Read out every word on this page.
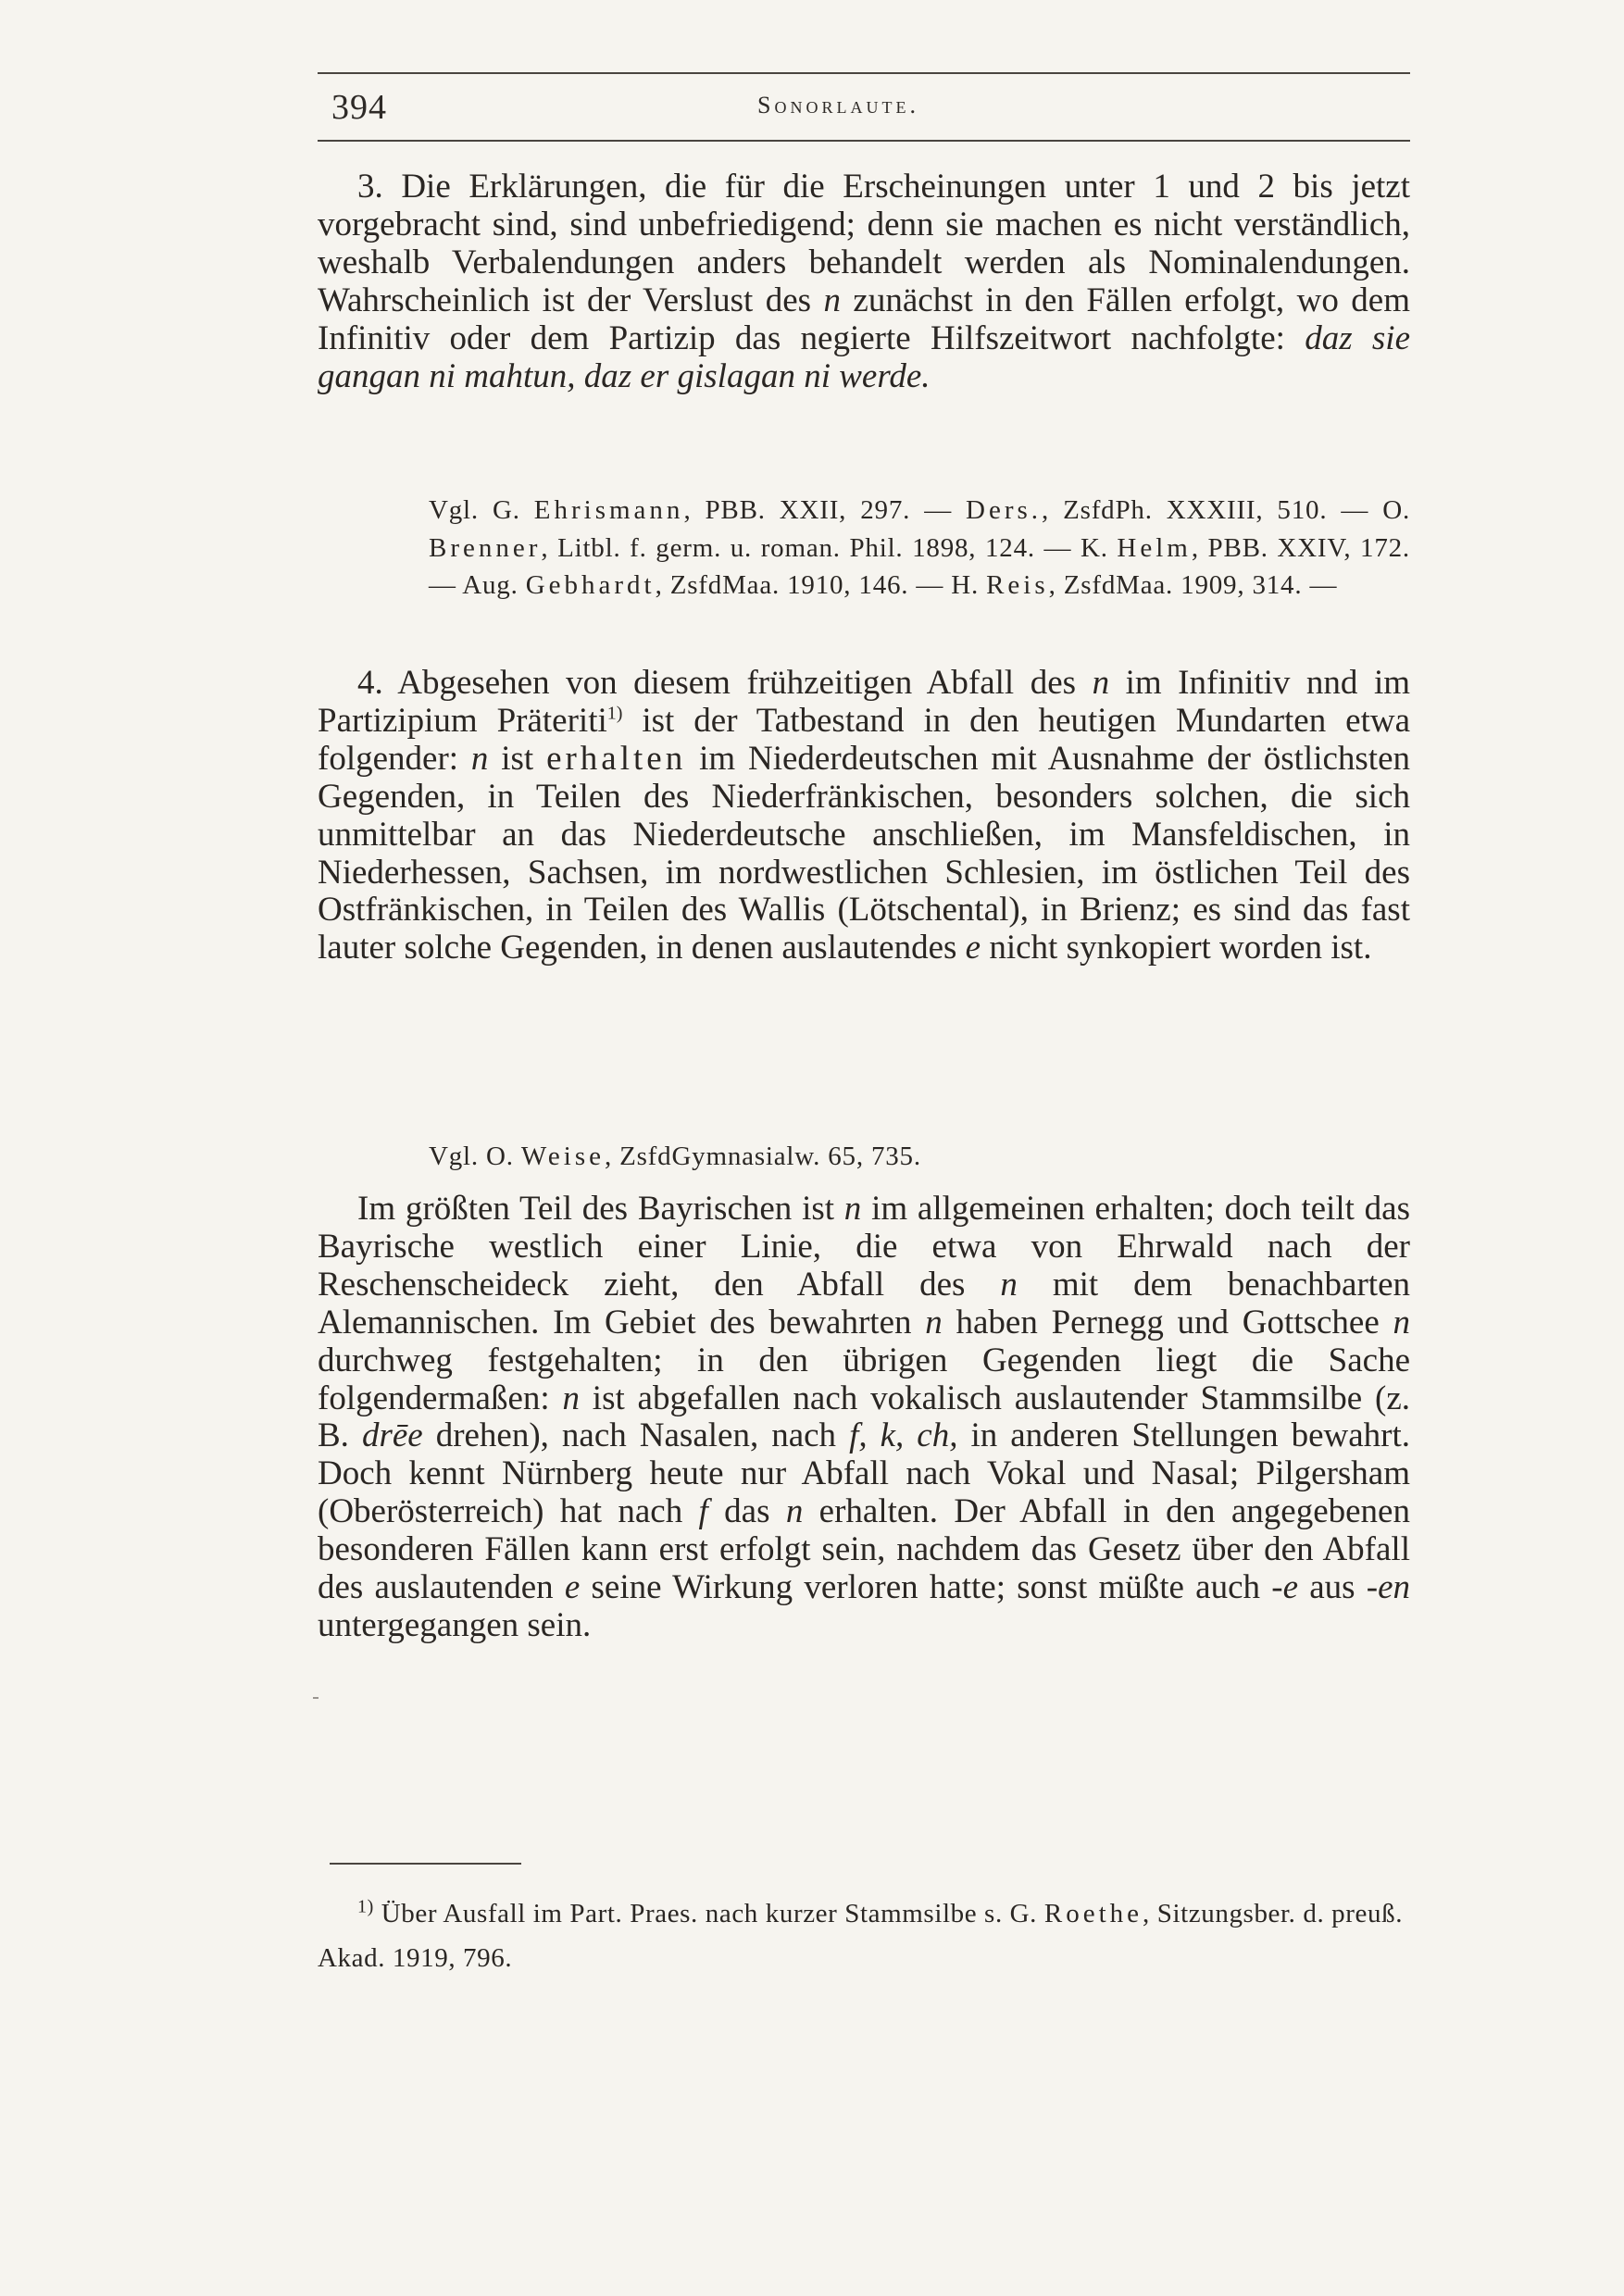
394	Sonorlaute.

3. Die Erklärungen, die für die Erscheinungen unter 1 und 2 bis jetzt vorgebracht sind, sind unbefriedigend; denn sie machen es nicht verständlich, weshalb Verbalendungen anders behandelt werden als Nominalendungen. Wahrscheinlich ist der Verslust des n zunächst in den Fällen erfolgt, wo dem Infinitiv oder dem Partizip das negierte Hilfszeitwort nachfolgte: daz sie gangan ni mahtun, daz er gislagan ni werde.

Vgl. G. Ehrismann, PBB. XXII, 297. — Ders., ZsfdPh. XXXIII, 510. — O. Brenner, Litbl. f. germ. u. roman. Phil. 1898, 124. — K. Helm, PBB. XXIV, 172. — Aug. Gebhardt, ZsfdMaa. 1910, 146. — H. Reis, ZsfdMaa. 1909, 314. —

4. Abgesehen von diesem frühzeitigen Abfall des n im Infinitiv nnd im Partizipium Präteriti$^{1)}$ ist der Tatbestand in den heutigen Mundarten etwa folgender: n ist erhalten im Niederdeutschen mit Ausnahme der östlichsten Gegenden, in Teilen des Niederfränkischen, besonders solchen, die sich unmittelbar an das Niederdeutsche anschließen, im Mansfeldischen, in Niederhessen, Sachsen, im nordwestlichen Schlesien, im östlichen Teil des Ostfränkischen, in Teilen des Wallis (Lötschental), in Brienz; es sind das fast lauter solche Gegenden, in denen auslautendes e nicht synkopiert worden ist.

Vgl. O. Weise, ZsfdGymnasialw. 65, 735.

Im größten Teil des Bayrischen ist n im allgemeinen erhalten; doch teilt das Bayrische westlich einer Linie, die etwa von Ehrwald nach der Reschenscheideck zieht, den Abfall des n mit dem benachbarten Alemannischen. Im Gebiet des bewahrten n haben Pernegg und Gottschee n durchweg festgehalten; in den übrigen Gegenden liegt die Sache folgendermaßen: n ist abgefallen nach vokalisch auslautender Stammsilbe (z. B. drēe drehen), nach Nasalen, nach f, k, ch, in anderen Stellungen bewahrt. Doch kennt Nürnberg heute nur Abfall nach Vokal und Nasal; Pilgersham (Oberösterreich) hat nach f das n erhalten. Der Abfall in den angegebenen besonderen Fällen kann erst erfolgt sein, nachdem das Gesetz über den Abfall des auslautenden e seine Wirkung verloren hatte; sonst müßte auch -e aus -en untergegangen sein.

$^{1)}$ Über Ausfall im Part. Praes. nach kurzer Stammsilbe s. G. Roethe, Sitzungsber. d. preuß. Akad. 1919, 796.
